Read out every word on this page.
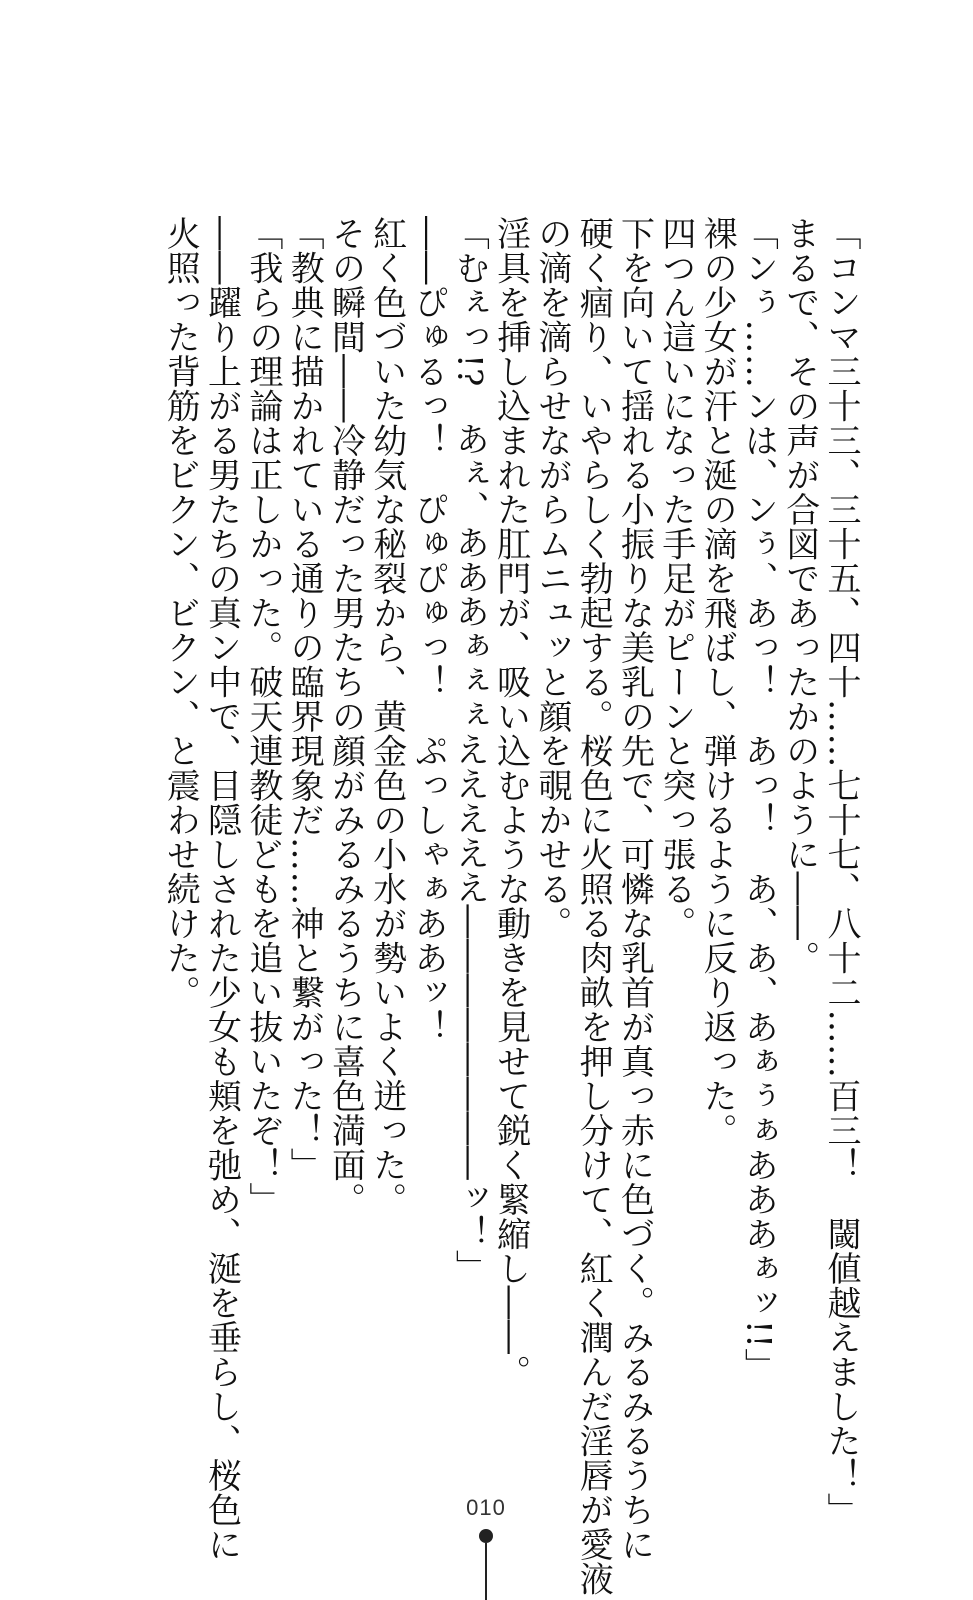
「コンマ三十三、三十五、四十……七十七、八十二……百三！　閾値越えました！」
まるで、その声が合図であったかのように――。
「ンぅ……ンは、ンぅ、あっ！　あっ！　あ、あ、あぁぅぁあああぁッ!!」
裸の少女が汗と涎の滴を飛ばし、弾けるように反り返った。
四つん這いになった手足がピーンと突っ張る。
下を向いて揺れる小振りな美乳の先で、可憐な乳首が真っ赤に色づく。みるみるうちに
硬く痼り、いやらしく勃起する。桜色に火照る肉畝を押し分けて、紅く潤んだ淫唇が愛液
の滴を滴らせながらムニュッと顔を覗かせる。
淫具を挿し込まれた肛門が、吸い込むような動きを見せて鋭く緊縮し――。
「むぇっ!?　あぇ、あああぁぇぇえええええ――――――――ッ！」
――ぴゅるっ！　ぴゅぴゅっ！　ぷっしゃぁああッ！
紅く色づいた幼気な秘裂から、黄金色の小水が勢いよく迸った。
その瞬間――冷静だった男たちの顔がみるみるうちに喜色満面。
「教典に描かれている通りの臨界現象だ……神と繋がった！」
「我らの理論は正しかった。破天連教徒どもを追い抜いたぞ！」
――躍り上がる男たちの真ン中で、目隠しされた少女も頬を弛め、涎を垂らし、桜色に
火照った背筋をビクン、ビクン、と震わせ続けた。
010
